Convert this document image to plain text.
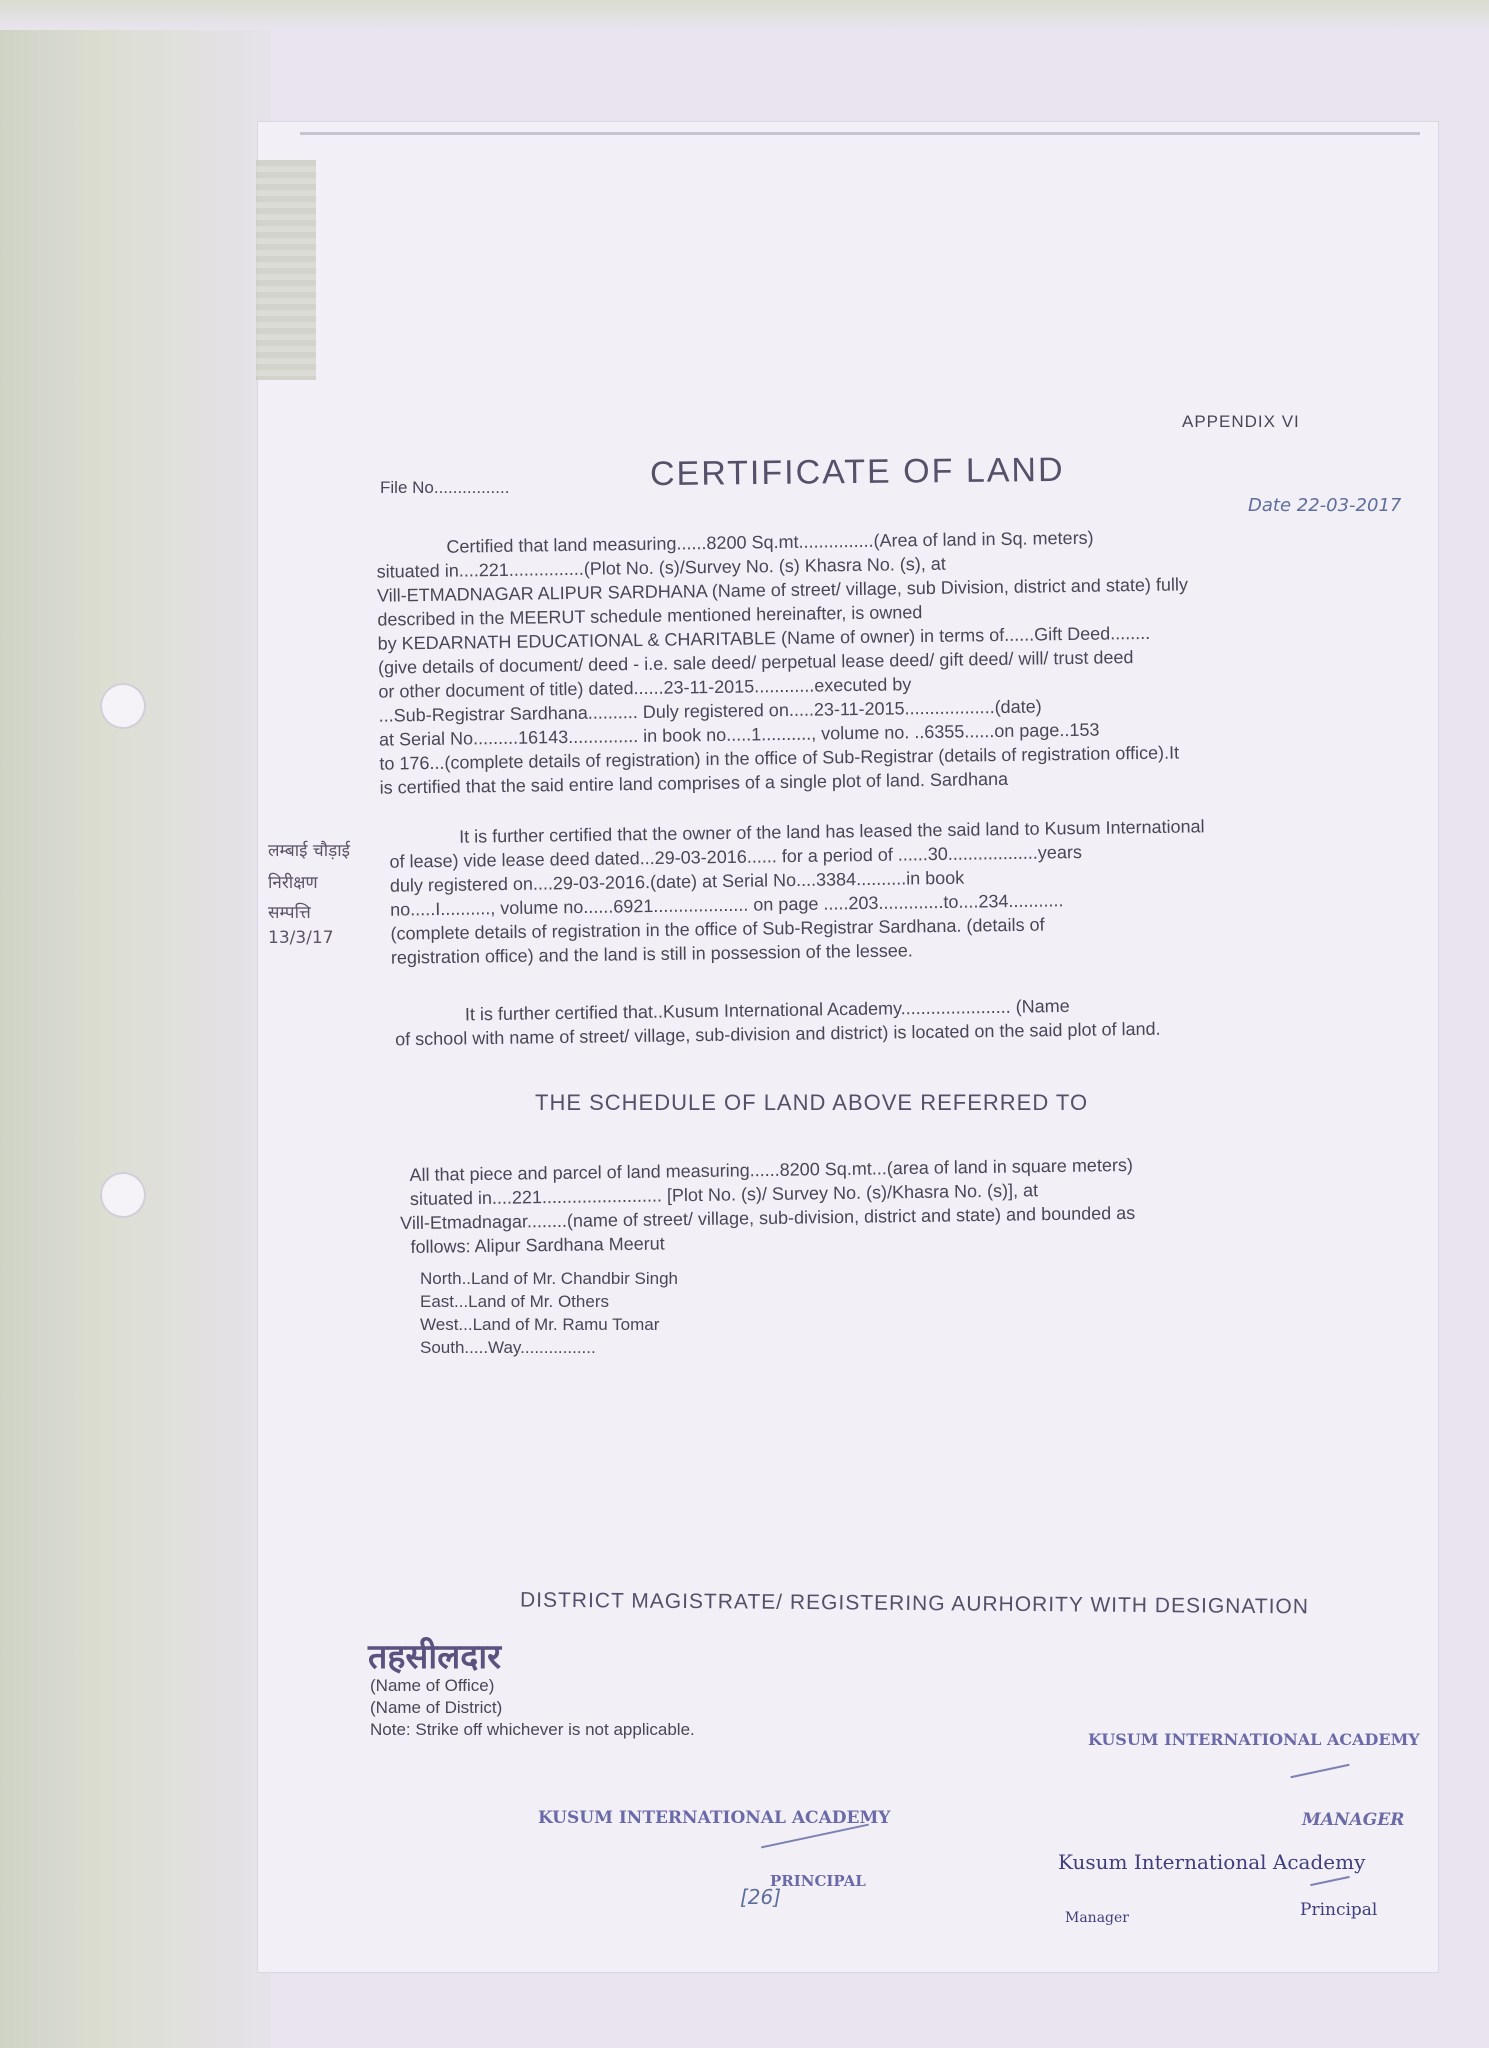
APPENDIX VI
CERTIFICATE OF LAND
File No................
Date 22-03-2017

Certified that land measuring......8200 Sq.mt...............(Area of land in Sq. meters)

situated in....221...............(Plot No. (s)/Survey No. (s) Khasra No. (s), at

Vill-ETMADNAGAR ALIPUR SARDHANA (Name of street/ village, sub Division, district and state) fully

described in the MEERUT schedule mentioned hereinafter, is owned

by KEDARNATH EDUCATIONAL & CHARITABLE (Name of owner) in terms of......Gift Deed........

(give details of document/ deed - i.e. sale deed/ perpetual lease deed/ gift deed/ will/ trust deed

or other document of title) dated......23-11-2015............executed by

...Sub-Registrar Sardhana.......... Duly registered on.....23-11-2015..................(date)

at Serial No.........16143.............. in book no.....1.........., volume no. ..6355......on page..153

to 176...(complete details of registration) in the office of Sub-Registrar (details of registration office).It

is certified that the said entire land comprises of a single plot of land. Sardhana

It is further certified that the owner of the land has leased the said land to Kusum International

of lease) vide lease deed dated...29-03-2016...... for a period of ......30..................years

duly registered on....29-03-2016.(date) at Serial No....3384..........in book

no.....I.........., volume no......6921................... on page .....203.............to....234...........

(complete details of registration in the office of Sub-Registrar Sardhana. (details of

registration office) and the land is still in possession of the lessee.

लम्बाई चौड़ाई
निरीक्षण
सम्पत्ति
13/3/17

It is further certified that..Kusum International Academy...................... (Name

of school with name of street/ village, sub-division and district) is located on the said plot of land.

THE SCHEDULE OF LAND ABOVE REFERRED TO

All that piece and parcel of land measuring......8200 Sq.mt...(area of land in square meters)

situated in....221........................ [Plot No. (s)/ Survey No. (s)/Khasra No. (s)], at

Vill-Etmadnagar........(name of street/ village, sub-division, district and state) and bounded as

follows: Alipur Sardhana Meerut

North..Land of Mr. Chandbir Singh

East...Land of Mr. Others

West...Land of Mr. Ramu Tomar

South.....Way................

DISTRICT MAGISTRATE/ REGISTERING AURHORITY WITH DESIGNATION
तहसीलदार

(Name of Office)

(Name of District)

Note: Strike off whichever is not applicable.

KUSUM INTERNATIONAL ACADEMY
PRINCIPAL
KUSUM INTERNATIONAL ACADEMY
MANAGER
Kusum International Academy
Manager	Principal
[26]
